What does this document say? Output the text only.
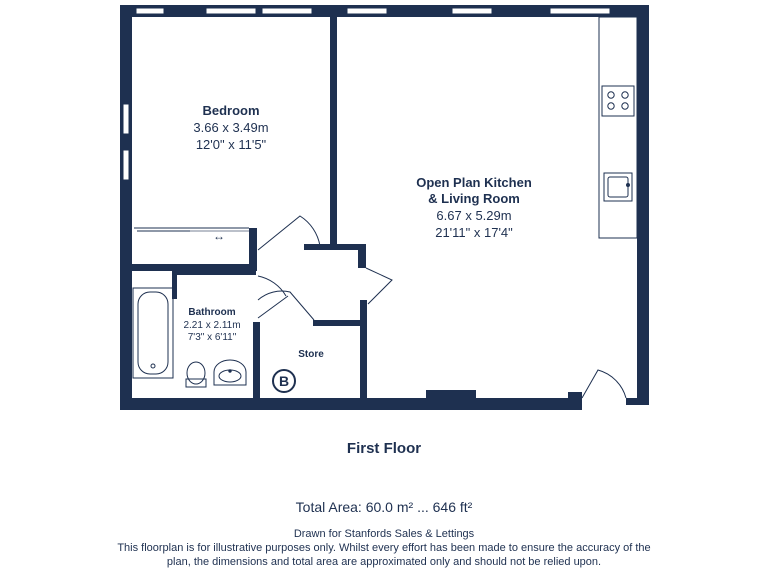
↔
B
Bedroom
3.66 x 3.49m
12'0" x 11'5"
Open Plan Kitchen
& Living Room
6.67 x 5.29m
21'11" x 17'4"
Bathroom
2.21 x 2.11m
7'3" x 6'11"
Store
First Floor
Total Area: 60.0 m² ... 646 ft²
Drawn for Stanfords Sales & Lettings
This floorplan is for illustrative purposes only. Whilst every effort has been made to ensure the accuracy of the plan, the dimensions and total area are approximated only and should not be relied upon.
